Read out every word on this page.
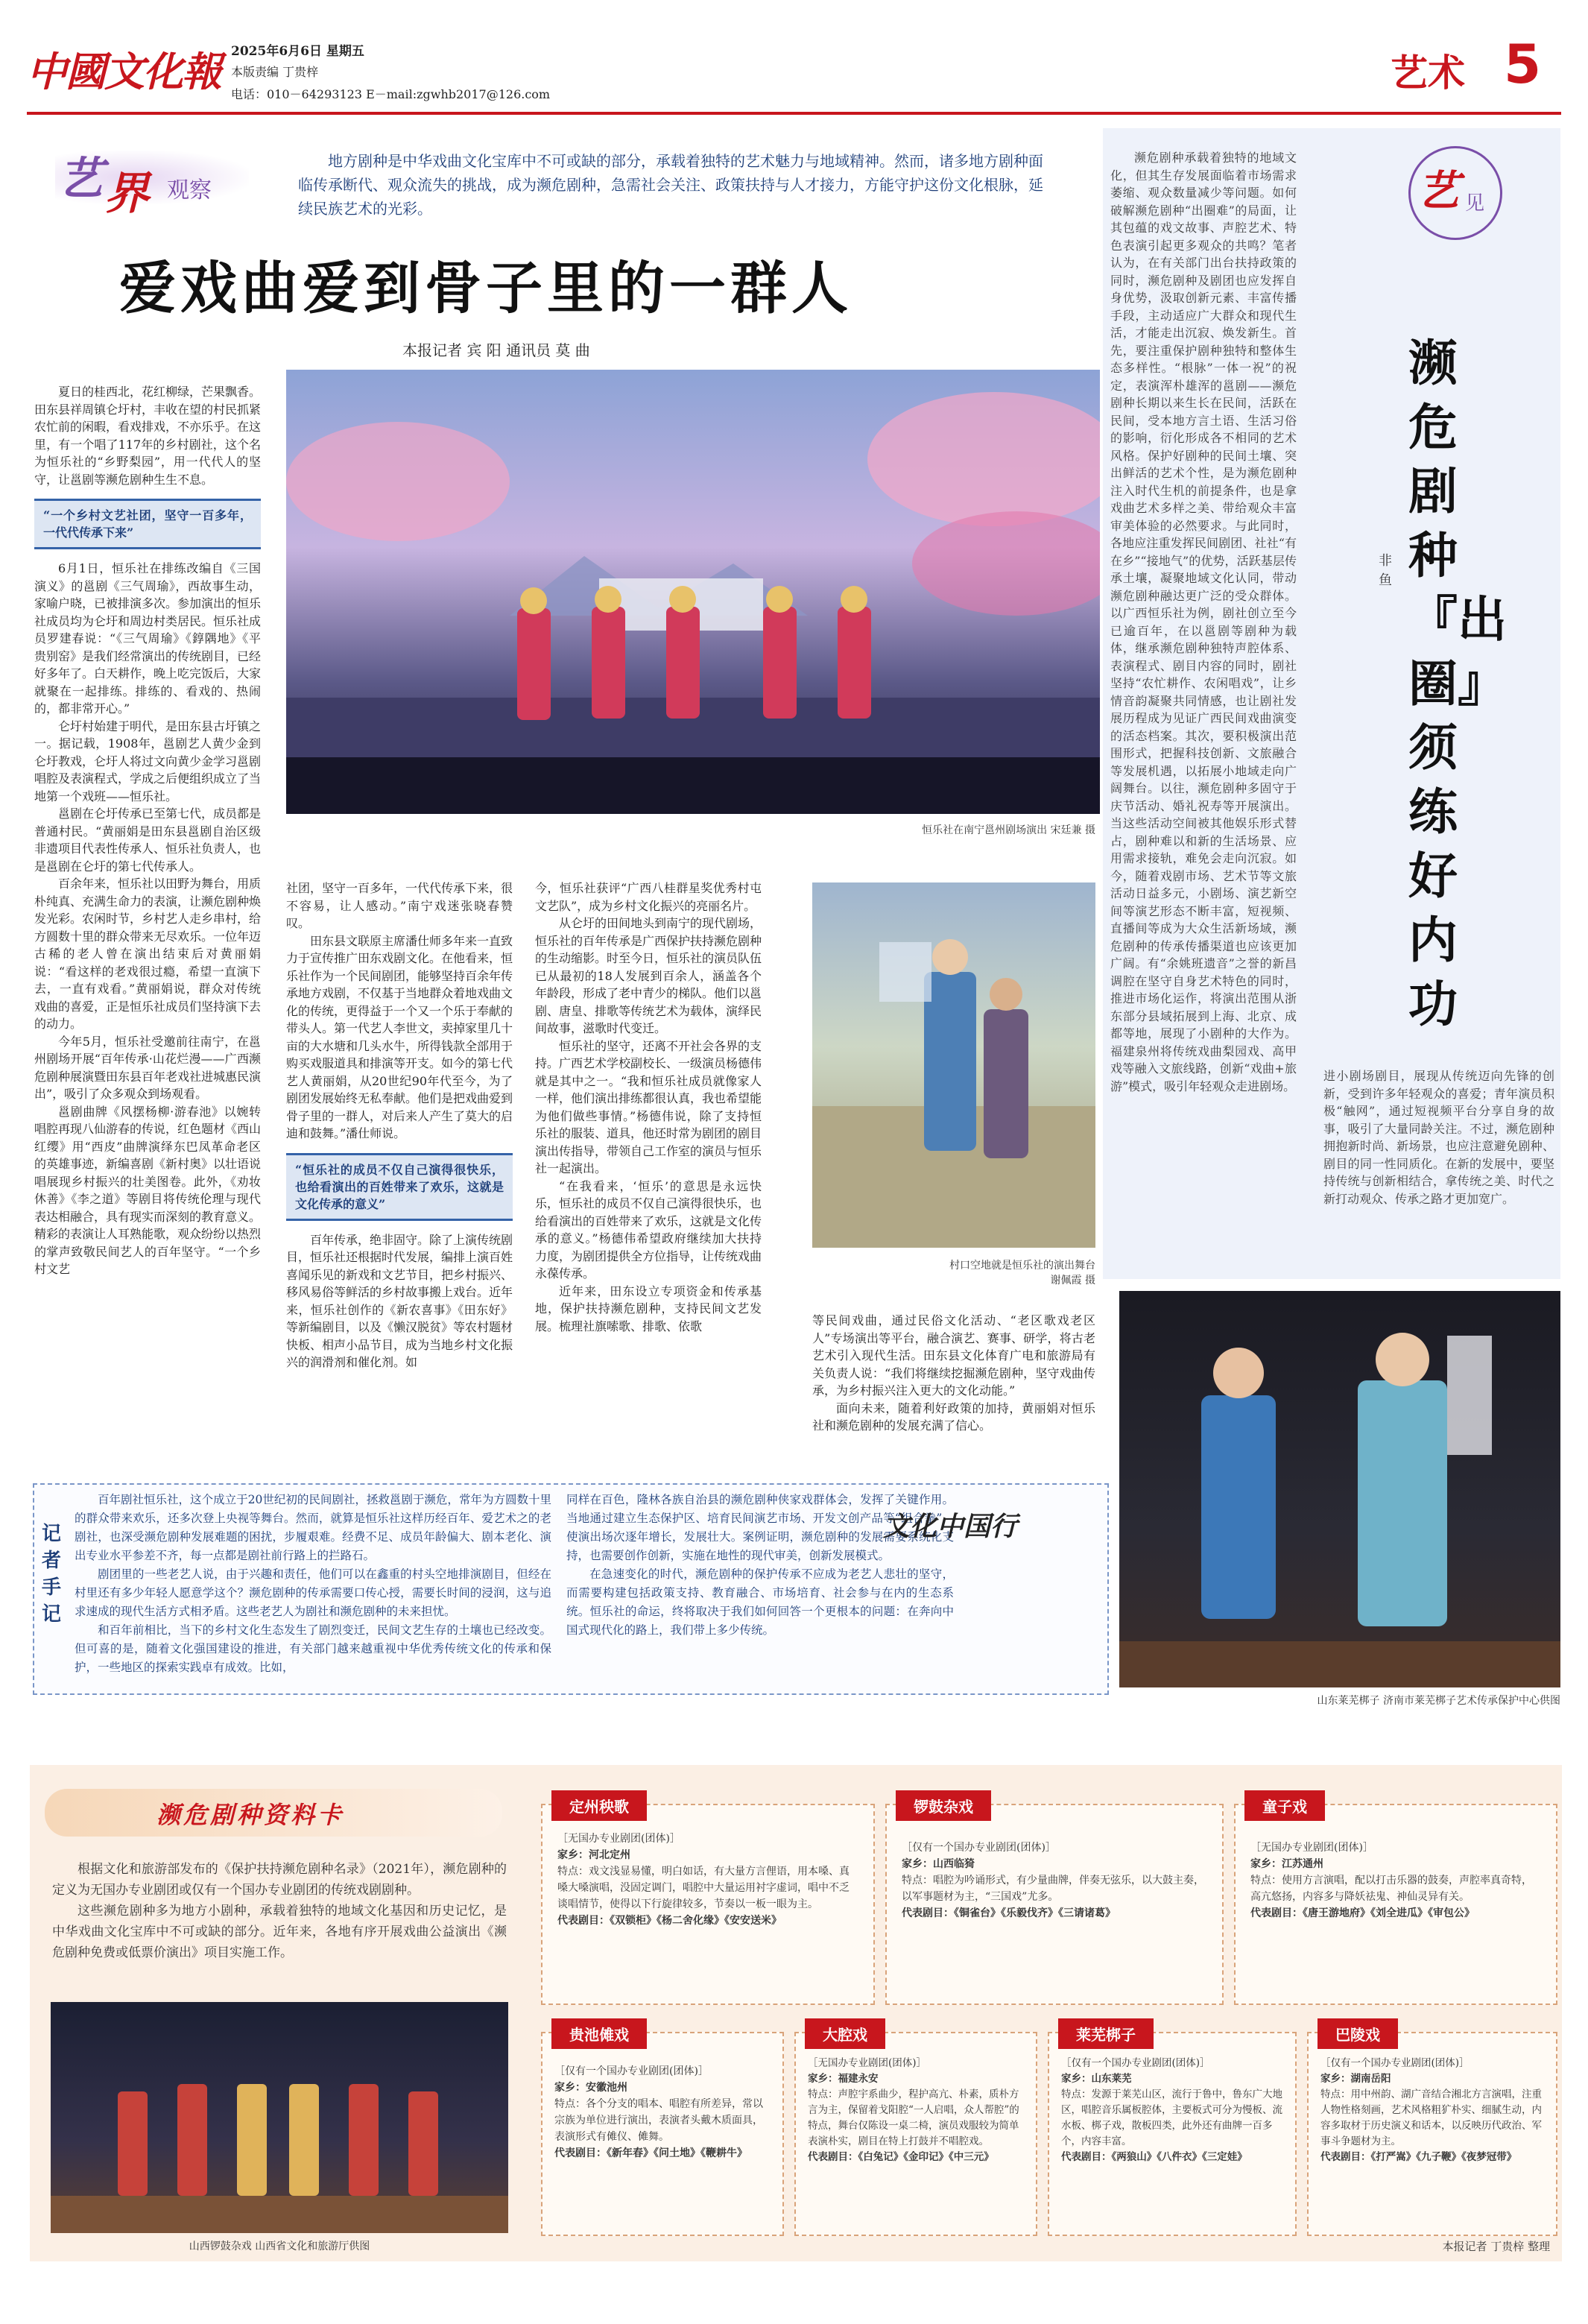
中國文化報 2025年6月6日 星期五
本版责编 丁贵梓
电话：010－64293123 E－mail:zgwhb2017@126.com	艺术 5
艺 界 观察
地方剧种是中华戏曲文化宝库中不可或缺的部分，承载着独特的艺术魅力与地域精神。然而，诸多地方剧种面临传承断代、观众流失的挑战，成为濒危剧种，急需社会关注、政策扶持与人才接力，方能守护这份文化根脉，延续民族艺术的光彩。
爱戏曲爱到骨子里的一群人
本报记者 宾 阳 通讯员 莫 曲
恒乐社在南宁邕州剧场演出 宋廷兼 摄

夏日的桂西北，花红柳绿，芒果飘香。田东县祥周镇仑圩村，丰收在望的村民抓紧农忙前的闲暇，看戏排戏，不亦乐乎。在这里，有一个唱了117年的乡村剧社，这个名为恒乐社的“乡野梨园”，用一代代人的坚守，让邕剧等濒危剧种生生不息。

“一个乡村文艺社团，坚守一百多年，一代代传承下来”

6月1日，恒乐社在排练改编自《三国演义》的邕剧《三气周瑜》，西故事生动，家喻户晓，已被排演多次。参加演出的恒乐社成员均为仑圩和周边村类居民。恒乐社成员罗建春说：“《三气周瑜》《錞隅地》《平贵别窑》是我们经常演出的传统剧目，已经好多年了。白天耕作，晚上吃完饭后，大家就聚在一起排练。排练的、看戏的、热闹的，都非常开心。”

仑圩村始建于明代，是田东县古圩镇之一。据记载，1908年，邕剧艺人黄少金到仑圩教戏，仑圩人将过文向黄少金学习邕剧唱腔及表演程式，学成之后便组织成立了当地第一个戏班——恒乐社。

邕剧在仑圩传承已至第七代，成员都是普通村民。“黄丽娟是田东县邕剧自治区级非遗项目代表性传承人、恒乐社负责人，也是邕剧在仑圩的第七代传承人。

百余年来，恒乐社以田野为舞台，用质朴纯真、充满生命力的表演，让濒危剧种焕发光彩。农闲时节，乡村艺人走乡串村，给方圆数十里的群众带来无尽欢乐。一位年迈古稀的老人曾在演出结束后对黄丽娟说：“看这样的老戏很过瘾，希望一直演下去，一直有戏看。”黄丽娟说，群众对传统戏曲的喜爱，正是恒乐社成员们坚持演下去的动力。

今年5月，恒乐社受邀前往南宁，在邕州剧场开展“百年传承·山花烂漫——广西濒危剧种展演暨田东县百年老戏社进城惠民演出”，吸引了众多观众到场观看。

邕剧曲牌《风摆杨柳·游春池》以婉转唱腔再现八仙游春的传说，红色题材《西山红缨》用“西皮”曲牌演绎东巴凤革命老区的英雄事迹，新编喜剧《新村奥》以壮语说唱展现乡村振兴的壮美图卷。此外，《劝妆休善》《李之道》等剧目将传统伦理与现代表达相融合，具有现实而深刻的教育意义。精彩的表演让人耳熟能歌，观众纷纷以热烈的掌声致敬民间艺人的百年坚守。“一个乡村文艺

社团，坚守一百多年，一代代传承下来，很不容易，让人感动。”南宁戏迷张晓春赞叹。

田东县文联原主席潘仕师多年来一直致力于宣传推广田东戏剧文化。在他看来，恒乐社作为一个民间剧团，能够坚持百余年传承地方戏剧，不仅基于当地群众着地戏曲文化的传统，更得益于一个又一个乐于奉献的带头人。第一代艺人李世文，卖掉家里几十亩的大水塘和几头水牛，所得钱款全部用于购买戏服道具和排演等开支。如今的第七代艺人黄丽娟，从20世纪90年代至今，为了剧团发展始终无私奉献。他们是把戏曲爱到骨子里的一群人，对后来人产生了莫大的启迪和鼓舞。”潘仕师说。

“恒乐社的成员不仅自己演得很快乐，也给看演出的百姓带来了欢乐，这就是文化传承的意义”

百年传承，绝非固守。除了上演传统剧目，恒乐社还根据时代发展，编排上演百姓喜闻乐见的新戏和文艺节目，把乡村振兴、移风易俗等鲜活的乡村故事搬上戏台。近年来，恒乐社创作的《新农喜事》《田东好》等新编剧目，以及《懒汉脱贫》等农村题材快板、相声小品节目，成为当地乡村文化振兴的润滑剂和催化剂。如

今，恒乐社获评“广西八桂群星奖优秀村屯文艺队”，成为乡村文化振兴的亮丽名片。

从仑圩的田间地头到南宁的现代剧场，恒乐社的百年传承是广西保护扶持濒危剧种的生动缩影。时至今日，恒乐社的演员队伍已从最初的18人发展到百余人，涵盖各个年龄段，形成了老中青少的梯队。他们以邕剧、唐皇、排歌等传统艺术为载体，演绎民间故事，滋歌时代变迁。

恒乐社的坚守，还离不开社会各界的支持。广西艺术学校副校长、一级演员杨德伟就是其中之一。“我和恒乐社成员就像家人一样，他们演出排练都很认真，我也希望能为他们做些事情。”杨德伟说，除了支持恒乐社的服装、道具，他还时常为剧团的剧目演出传指导，带领自己工作室的演员与恒乐社一起演出。

“在我看来，‘恒乐’的意思是永远快乐，恒乐社的成员不仅自己演得很快乐，也给看演出的百姓带来了欢乐，这就是文化传承的意义。”杨德伟希望政府继续加大扶持力度，为剧团提供全方位指导，让传统戏曲永葆传承。

近年来，田东设立专项资金和传承基地，保护扶持濒危剧种，支持民间文艺发展。梳理社旗嗦歌、排歌、依歌

村口空地就是恒乐社的演出舞台
谢佩霞 摄

等民间戏曲，通过民俗文化活动、“老区歌戏老区人”专场演出等平台，融合演艺、赛事、研学，将古老艺术引入现代生活。田东县文化体育广电和旅游局有关负责人说：“我们将继续挖掘濒危剧种，坚守戏曲传承，为乡村振兴注入更大的文化动能。”

面向未来，随着利好政策的加持，黄丽娟对恒乐社和濒危剧种的发展充满了信心。

艺 见
濒危剧种承载着独特的地域文化，但其生存发展面临着市场需求萎缩、观众数量减少等问题。如何破解濒危剧种“出圈难”的局面，让其包蕴的戏文故事、声腔艺术、特色表演引起更多观众的共鸣？笔者认为，在有关部门出台扶持政策的同时，濒危剧种及剧团也应发挥自身优势，汲取创新元素、丰富传播手段，主动适应广大群众和现代生活，才能走出沉寂、焕发新生。首先，要注重保护剧种独特和整体生态多样性。“根脉”一体一祝”的祝定，表演浑朴雄浑的邕剧——濒危剧种长期以来生长在民间，活跃在民间，受本地方言土语、生活习俗的影响，衍化形成各不相同的艺术风格。保护好剧种的民间土壤、突出鲜活的艺术个性，是为濒危剧种注入时代生机的前提条件，也是拿戏曲艺术多样之美、带给观众丰富审美体验的必然要求。与此同时，各地应注重发挥民间剧团、社社“有在乡”“接地气”的优势，活跃基层传承土壤，凝聚地域文化认同，带动濒危剧种融达更广泛的受众群体。以广西恒乐社为例，剧社创立至今已逾百年，在以邕剧等剧种为载体，继承濒危剧种独特声腔体系、表演程式、剧目内容的同时，剧社坚持“农忙耕作、农闲唱戏”，让乡情音韵凝聚共同情感，也让剧社发展历程成为见证广西民间戏曲演变的活态档案。其次，要积极演出范围形式，把握科技创新、文旅融合等发展机遇，以拓展小地域走向广阔舞台。以往，濒危剧种多固守于庆节活动、婚礼祝寿等开展演出。当这些活动空间被其他娱乐形式替占，剧种难以和新的生活场景、应用需求接轨，难免会走向沉寂。如今，随着戏剧市场、艺术节等文旅活动日益多元，小剧场、演艺新空间等演艺形态不断丰富，短视频、直播间等成为大众生活新场域，濒危剧种的传承传播渠道也应该更加广阔。有“余姚班遗音”之誉的新昌调腔在坚守自身艺术特色的同时，推进市场化运作，将演出范围从浙东部分县域拓展到上海、北京、成都等地，展现了小剧种的大作为。福建泉州将传统戏曲梨园戏、高甲戏等融入文旅线路，创新“戏曲+旅游”模式，吸引年轻观众走进剧场。
濒危剧种『出圈』须练好内功
非 鱼
进小剧场剧目，展现从传统迈向先锋的创新，受到许多年轻观众的喜爱；青年演员积极“触网”，通过短视频平台分享自身的故事，吸引了大量同龄关注。不过，濒危剧种拥抱新时尚、新场景，也应注意避免剧种、剧目的同一性同质化。在新的发展中，要坚持传统与创新相结合，拿传统之美、时代之新打动观众、传承之路才更加宽广。
山东莱芜梆子 济南市莱芜梆子艺术传承保护中心供图
记者手记
百年剧社恒乐社，这个成立于20世纪初的民间剧社，拯救邕剧于濒危，常年为方圆数十里的群众带来欢乐，还多次登上央视等舞台。然而，就算是恒乐社这样历经百年、爱艺术之的老剧社，也深受濒危剧种发展难题的困扰，步履艰难。经费不足、成员年龄偏大、剧本老化、演出专业水平参差不齐，每一点都是剧社前行路上的拦路石。
剧团里的一些老艺人说，由于兴趣和责任，他们可以在鑫重的村头空地排演剧目，但经在村里还有多少年轻人愿意学这个？濒危剧种的传承需要口传心授，需要长时间的浸润，这与追求速成的现代生活方式相矛盾。这些老艺人为剧社和濒危剧种的未来担忧。
和百年前相比，当下的乡村文化生态发生了剧烈变迁，民间文艺生存的土壤也已经改变。但可喜的是，随着文化强国建设的推进，有关部门越来越重视中华优秀传统文化的传承和保护，一些地区的探索实践卓有成效。比如，
同样在百色，隆林各族自治县的濒危剧种侠家戏群体会，发挥了关键作用。当地通过建立生态保护区、培育民间演艺市场、开发文创产品等“组合拳”，使演出场次逐年增长，发展壮大。案例证明，濒危剧种的发展需要系统化支持，也需要创作创新，实施在地性的现代审美，创新发展模式。
在急速变化的时代，濒危剧种的保护传承不应成为老艺人悲壮的坚守，而需要构建包括政策支持、教育融合、市场培育、社会参与在内的生态系统。恒乐社的命运，终将取决于我们如何回答一个更根本的问题：在奔向中国式现代化的路上，我们带上多少传统。
文化中国行
濒危剧种资料卡
根据文化和旅游部发布的《保护扶持濒危剧种名录》（2021年），濒危剧种的定义为无国办专业剧团或仅有一个国办专业剧团的传统戏剧剧种。
这些濒危剧种多为地方小剧种，承载着独特的地域文化基因和历史记忆，是中华戏曲文化宝库中不可或缺的部分。近年来，各地有序开展戏曲公益演出《濒危剧种免费或低票价演出》项目实施工作。
山西锣鼓杂戏 山西省文化和旅游厅供图	本报记者 丁贵梓 整理
定州秧歌
［无国办专业剧团(团体)］
家乡：河北定州
特点：戏文浅显易懂，明白如话，有大量方言俚语，用本嗓、真嗓大嗓演唱，没固定调门，唱腔中大量运用衬字虚词，唱中不乏谈唱情节，使得以下行旋律较多，节奏以一板一眼为主。
代表剧目：《双锁柜》《杨二舍化缘》《安安送米》
锣鼓杂戏
［仅有一个国办专业剧团(团体)］
家乡：山西临猗
特点：唱腔为吟诵形式，有少量曲牌，伴奏无弦乐，以大鼓主奏，以军事题材为主，“三国戏”尤多。
代表剧目：《铜雀台》《乐毅伐齐》《三请诸葛》
童子戏
［无国办专业剧团(团体)］
家乡：江苏通州
特点：使用方言演唱，配以打击乐器的鼓奏，声腔率真奇特，高亢悠扬，内容多与降妖祛鬼、神仙灵异有关。
代表剧目：《唐王游地府》《刘全进瓜》《审包公》
贵池傩戏
［仅有一个国办专业剧团(团体)］
家乡：安徽池州
特点：各个分支的唱本、唱腔有所差异，常以宗族为单位进行演出，表演者头戴木质面具，表演形式有傩仪、傩舞。
代表剧目：《新年春》《问土地》《鞭耕牛》
大腔戏
［无国办专业剧团(团体)］
家乡：福建永安
特点：声腔宇系曲少，程护高亢、朴素，质朴方言为主，保留着戈阳腔“一人启唱，众人帮腔”的特点，舞台仅陈设一桌二椅，演员戏服较为简单表演朴实，剧目在特上打鼓并不唱腔戏。
代表剧目：《白兔记》《金印记》《中三元》
莱芜梆子
［仅有一个国办专业剧团(团体)］
家乡：山东莱芜
特点：发源于莱芜山区，流行于鲁中，鲁东广大地区，唱腔音乐属板腔体，主要板式可分为慢板、流水板、梆子戏，散板四类，此外还有曲牌一百多个，内容丰富。
代表剧目：《两狼山》《八件衣》《三定娃》
巴陵戏
［仅有一个国办专业剧团(团体)］
家乡：湖南岳阳
特点：用中州韵、湖广音结合湘北方言演唱，注重人物性格刻画，艺术风格粗犷朴实、细腻生动，内容多取材于历史演义和话本，以反映历代政治、军事斗争题材为主。
代表剧目：《打严嵩》《九子鞭》《夜梦冠带》
